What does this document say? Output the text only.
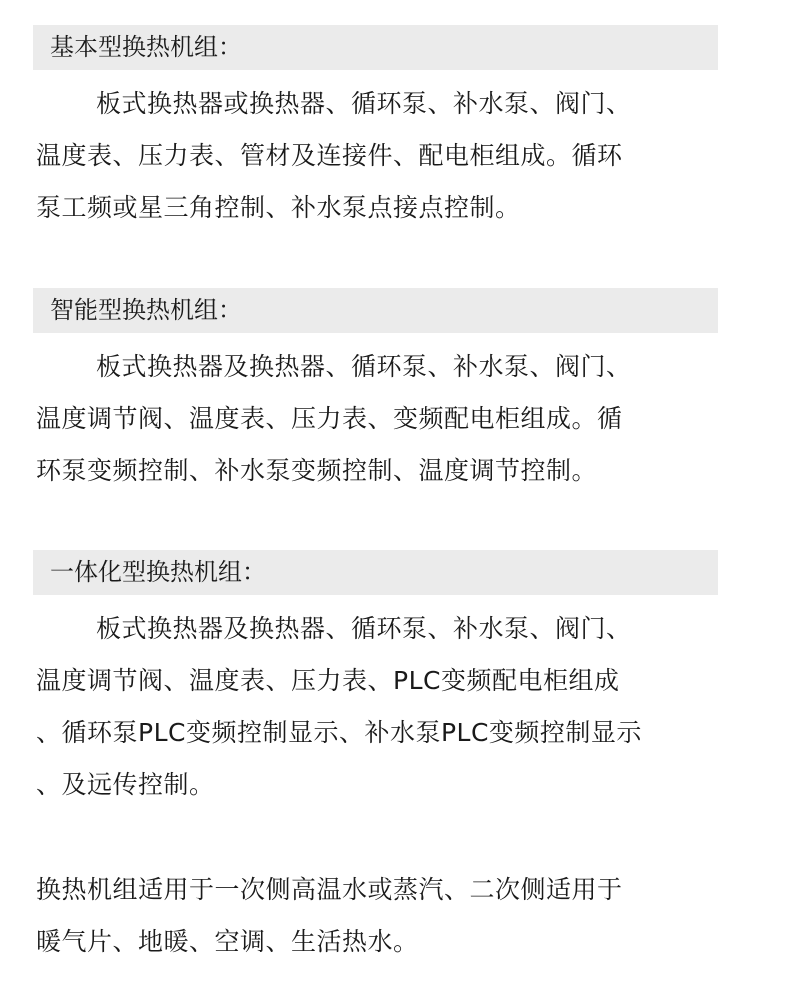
基本型换热机组：
板式换热器或换热器、循环泵、补水泵、阀门、
温度表、压力表、管材及连接件、配电柜组成。循环
泵工频或星三角控制、补水泵点接点控制。
智能型换热机组：
板式换热器及换热器、循环泵、补水泵、阀门、
温度调节阀、温度表、压力表、变频配电柜组成。循
环泵变频控制、补水泵变频控制、温度调节控制。
一体化型换热机组：
板式换热器及换热器、循环泵、补水泵、阀门、
温度调节阀、温度表、压力表、PLC变频配电柜组成
、循环泵PLC变频控制显示、补水泵PLC变频控制显示
、及远传控制。
换热机组适用于一次侧高温水或蒸汽、二次侧适用于
暖气片、地暖、空调、生活热水。
